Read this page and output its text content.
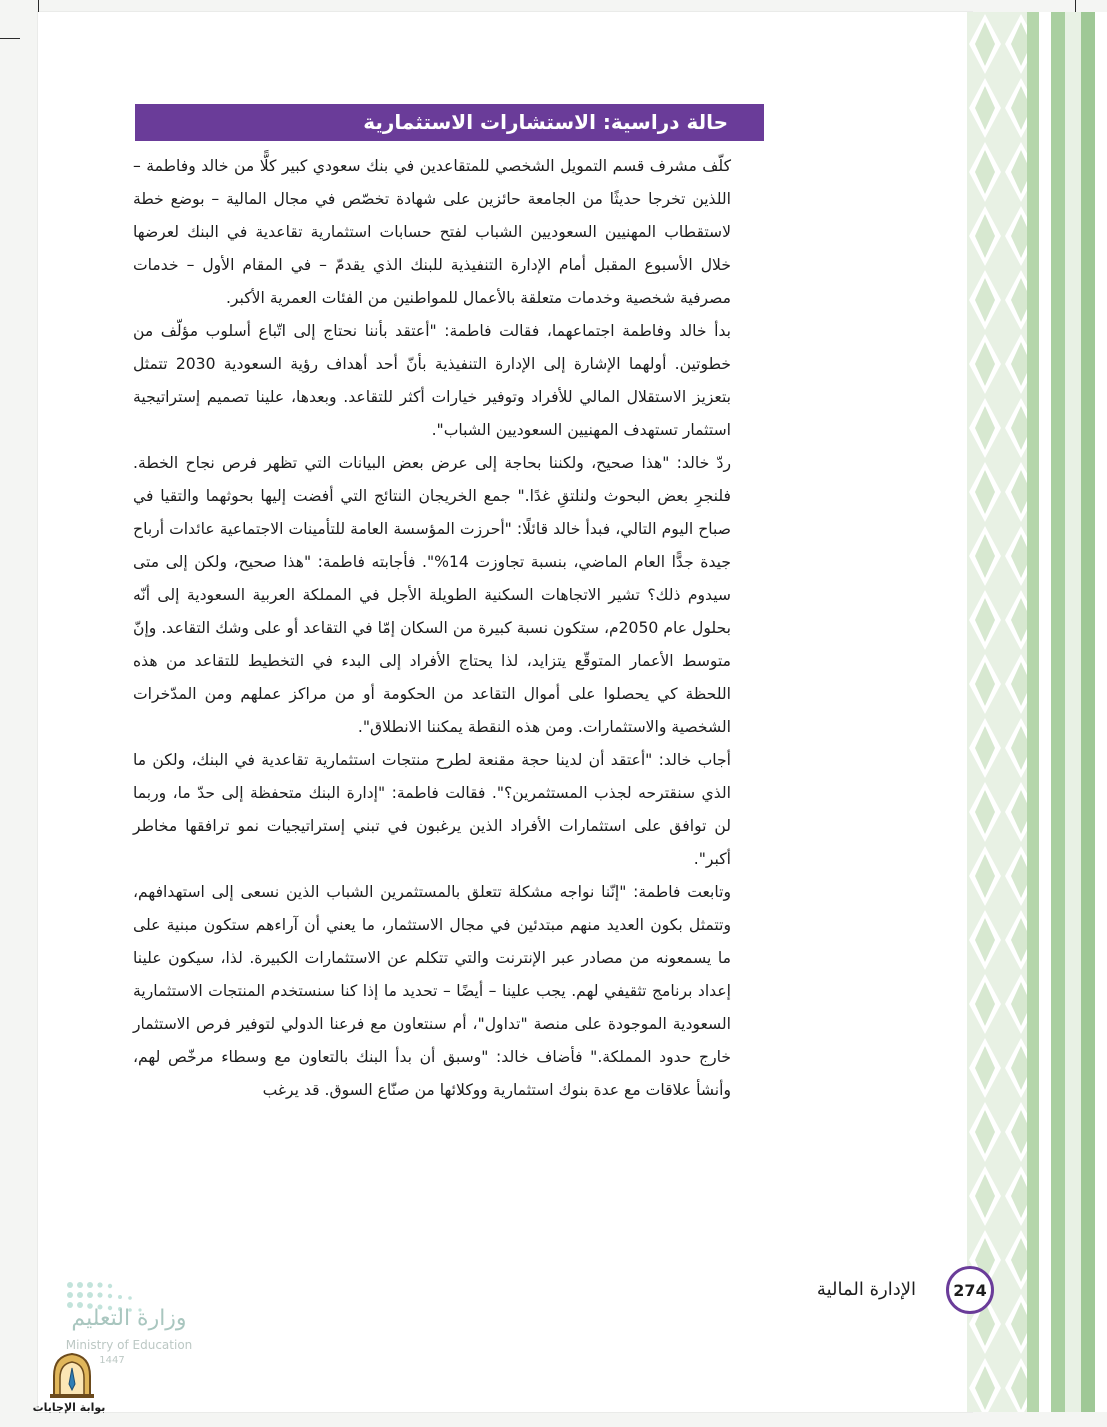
حالة دراسية: الاستشارات الاستثمارية

كلّف مشرف قسم التمويل الشخصي للمتقاعدين في بنك سعودي كبير كلًّا من خالد وفاطمة – اللذين تخرجا حديثًا من الجامعة حائزين على شهادة تخصّص في مجال المالية – بوضع خطة لاستقطاب المهنيين السعوديين الشباب لفتح حسابات استثمارية تقاعدية في البنك لعرضها خلال الأسبوع المقبل أمام الإدارة التنفيذية للبنك الذي يقدمّ – في المقام الأول – خدمات مصرفية شخصية وخدمات متعلقة بالأعمال للمواطنين من الفئات العمرية الأكبر.

بدأ خالد وفاطمة اجتماعهما، فقالت فاطمة: "أعتقد بأننا نحتاج إلى اتّباع أسلوب مؤلّف من خطوتين. أولهما الإشارة إلى الإدارة التنفيذية بأنّ أحد أهداف رؤية السعودية 2030 تتمثل بتعزيز الاستقلال المالي للأفراد وتوفير خيارات أكثر للتقاعد. وبعدها، علينا تصميم إستراتيجية استثمار تستهدف المهنيين السعوديين الشباب".

ردّ خالد: "هذا صحيح، ولكننا بحاجة إلى عرض بعض البيانات التي تظهر فرص نجاح الخطة. فلنجرِ بعض البحوث ولنلتقِ غدًا." جمع الخريجان النتائج التي أفضت إليها بحوثهما والتقيا في صباح اليوم التالي، فبدأ خالد قائلًا: "أحرزت المؤسسة العامة للتأمينات الاجتماعية عائدات أرباح جيدة جدًّا العام الماضي، بنسبة تجاوزت 14%". فأجابته فاطمة: "هذا صحيح، ولكن إلى متى سيدوم ذلك؟ تشير الاتجاهات السكنية الطويلة الأجل في المملكة العربية السعودية إلى أنّه بحلول عام 2050م، ستكون نسبة كبيرة من السكان إمّا في التقاعد أو على وشك التقاعد. وإنّ متوسط الأعمار المتوقّع يتزايد، لذا يحتاج الأفراد إلى البدء في التخطيط للتقاعد من هذه اللحظة كي يحصلوا على أموال التقاعد من الحكومة أو من مراكز عملهم ومن المدّخرات الشخصية والاستثمارات. ومن هذه النقطة يمكننا الانطلاق".

أجاب خالد: "أعتقد أن لدينا حجة مقنعة لطرح منتجات استثمارية تقاعدية في البنك، ولكن ما الذي سنقترحه لجذب المستثمرين؟". فقالت فاطمة: "إدارة البنك متحفظة إلى حدّ ما، وربما لن توافق على استثمارات الأفراد الذين يرغبون في تبني إستراتيجيات نمو ترافقها مخاطر أكبر".

وتابعت فاطمة: "إنّنا نواجه مشكلة تتعلق بالمستثمرين الشباب الذين نسعى إلى استهدافهم، وتتمثل بكون العديد منهم مبتدئين في مجال الاستثمار، ما يعني أن آراءهم ستكون مبنية على ما يسمعونه من مصادر عبر الإنترنت والتي تتكلم عن الاستثمارات الكبيرة. لذا، سيكون علينا إعداد برنامج تثقيفي لهم. يجب علينا – أيضًا – تحديد ما إذا كنا سنستخدم المنتجات الاستثمارية السعودية الموجودة على منصة "تداول"، أم سنتعاون مع فرعنا الدولي لتوفير فرص الاستثمار خارج حدود المملكة." فأضاف خالد: "وسبق أن بدأ البنك بالتعاون مع وسطاء مرخّص لهم، وأنشأ علاقات مع عدة بنوك استثمارية ووكلائها من صنّاع السوق. قد يرغب

274
الإدارة المالية
وزارة التعليم
Ministry of Education
1447
بوابة الإجابات
